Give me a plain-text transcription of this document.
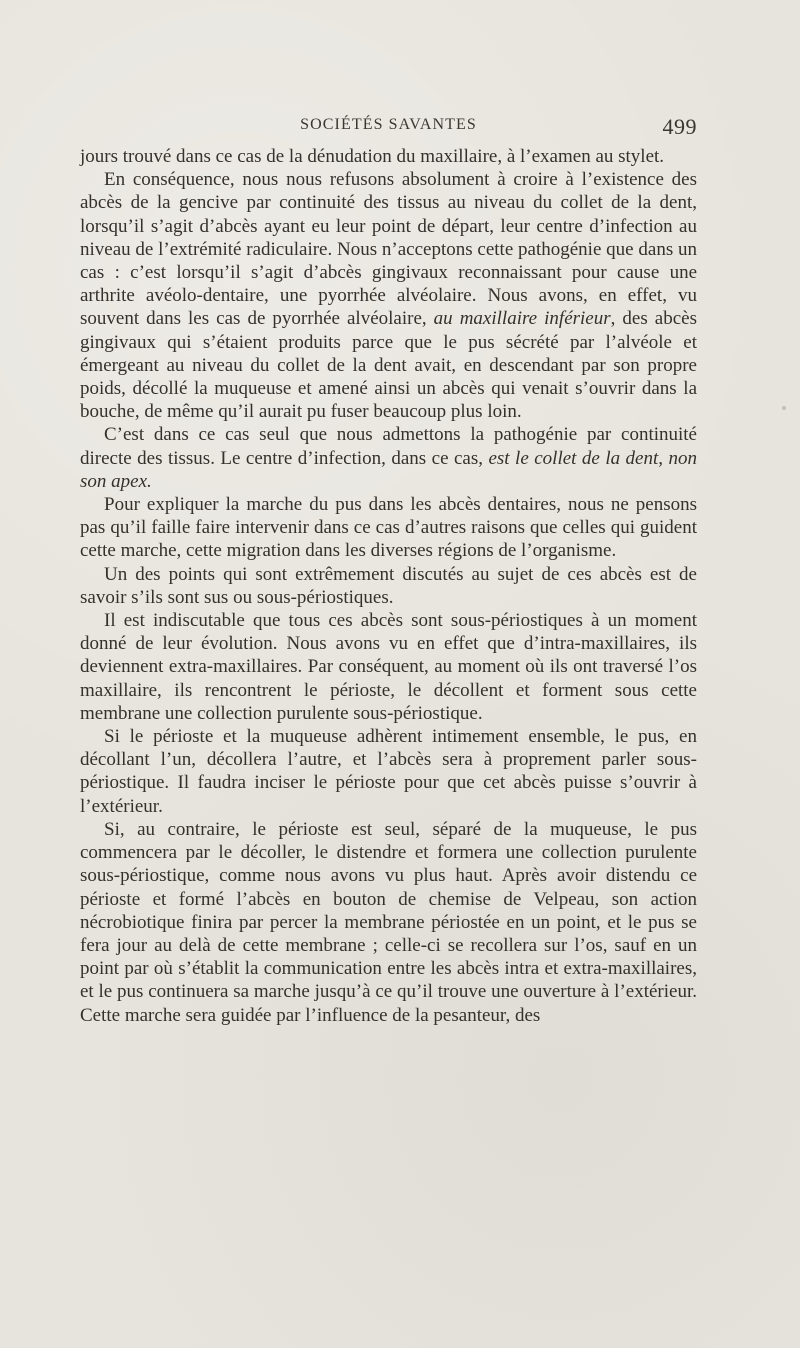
SOCIÉTÉS SAVANTES	499

jours trouvé dans ce cas de la dénudation du maxillaire, à l’examen au stylet.

En conséquence, nous nous refusons absolument à croire à l’existence des abcès de la gencive par continuité des tissus au niveau du collet de la dent, lorsqu’il s’agit d’abcès ayant eu leur point de départ, leur centre d’infection au niveau de l’extrémité radiculaire. Nous n’acceptons cette pathogénie que dans un cas : c’est lorsqu’il s’agit d’abcès gingivaux reconnaissant pour cause une arthrite avéolo-dentaire, une pyorrhée alvéolaire. Nous avons, en effet, vu souvent dans les cas de pyorrhée alvéolaire, au maxillaire inférieur, des abcès gingivaux qui s’étaient produits parce que le pus sécrété par l’alvéole et émergeant au niveau du collet de la dent avait, en descendant par son propre poids, décollé la muqueuse et amené ainsi un abcès qui venait s’ouvrir dans la bouche, de même qu’il aurait pu fuser beaucoup plus loin.

C’est dans ce cas seul que nous admettons la pathogénie par continuité directe des tissus. Le centre d’infection, dans ce cas, est le collet de la dent, non son apex.

Pour expliquer la marche du pus dans les abcès dentaires, nous ne pensons pas qu’il faille faire intervenir dans ce cas d’autres raisons que celles qui guident cette marche, cette migration dans les diverses régions de l’organisme.

Un des points qui sont extrêmement discutés au sujet de ces abcès est de savoir s’ils sont sus ou sous-périostiques.

Il est indiscutable que tous ces abcès sont sous-périostiques à un moment donné de leur évolution. Nous avons vu en effet que d’intra-maxillaires, ils deviennent extra-maxillaires. Par conséquent, au moment où ils ont traversé l’os maxillaire, ils rencontrent le périoste, le décollent et forment sous cette membrane une collection purulente sous-périostique.

Si le périoste et la muqueuse adhèrent intimement ensemble, le pus, en décollant l’un, décollera l’autre, et l’abcès sera à proprement parler sous-périostique. Il faudra inciser le périoste pour que cet abcès puisse s’ouvrir à l’extérieur.

Si, au contraire, le périoste est seul, séparé de la muqueuse, le pus commencera par le décoller, le distendre et formera une collection purulente sous-périostique, comme nous avons vu plus haut. Après avoir distendu ce périoste et formé l’abcès en bouton de chemise de Velpeau, son action nécrobiotique finira par percer la membrane périostée en un point, et le pus se fera jour au delà de cette membrane ; celle-ci se recollera sur l’os, sauf en un point par où s’établit la communication entre les abcès intra et extra-maxillaires, et le pus continuera sa marche jusqu’à ce qu’il trouve une ouverture à l’extérieur. Cette marche sera guidée par l’influence de la pesanteur, des
